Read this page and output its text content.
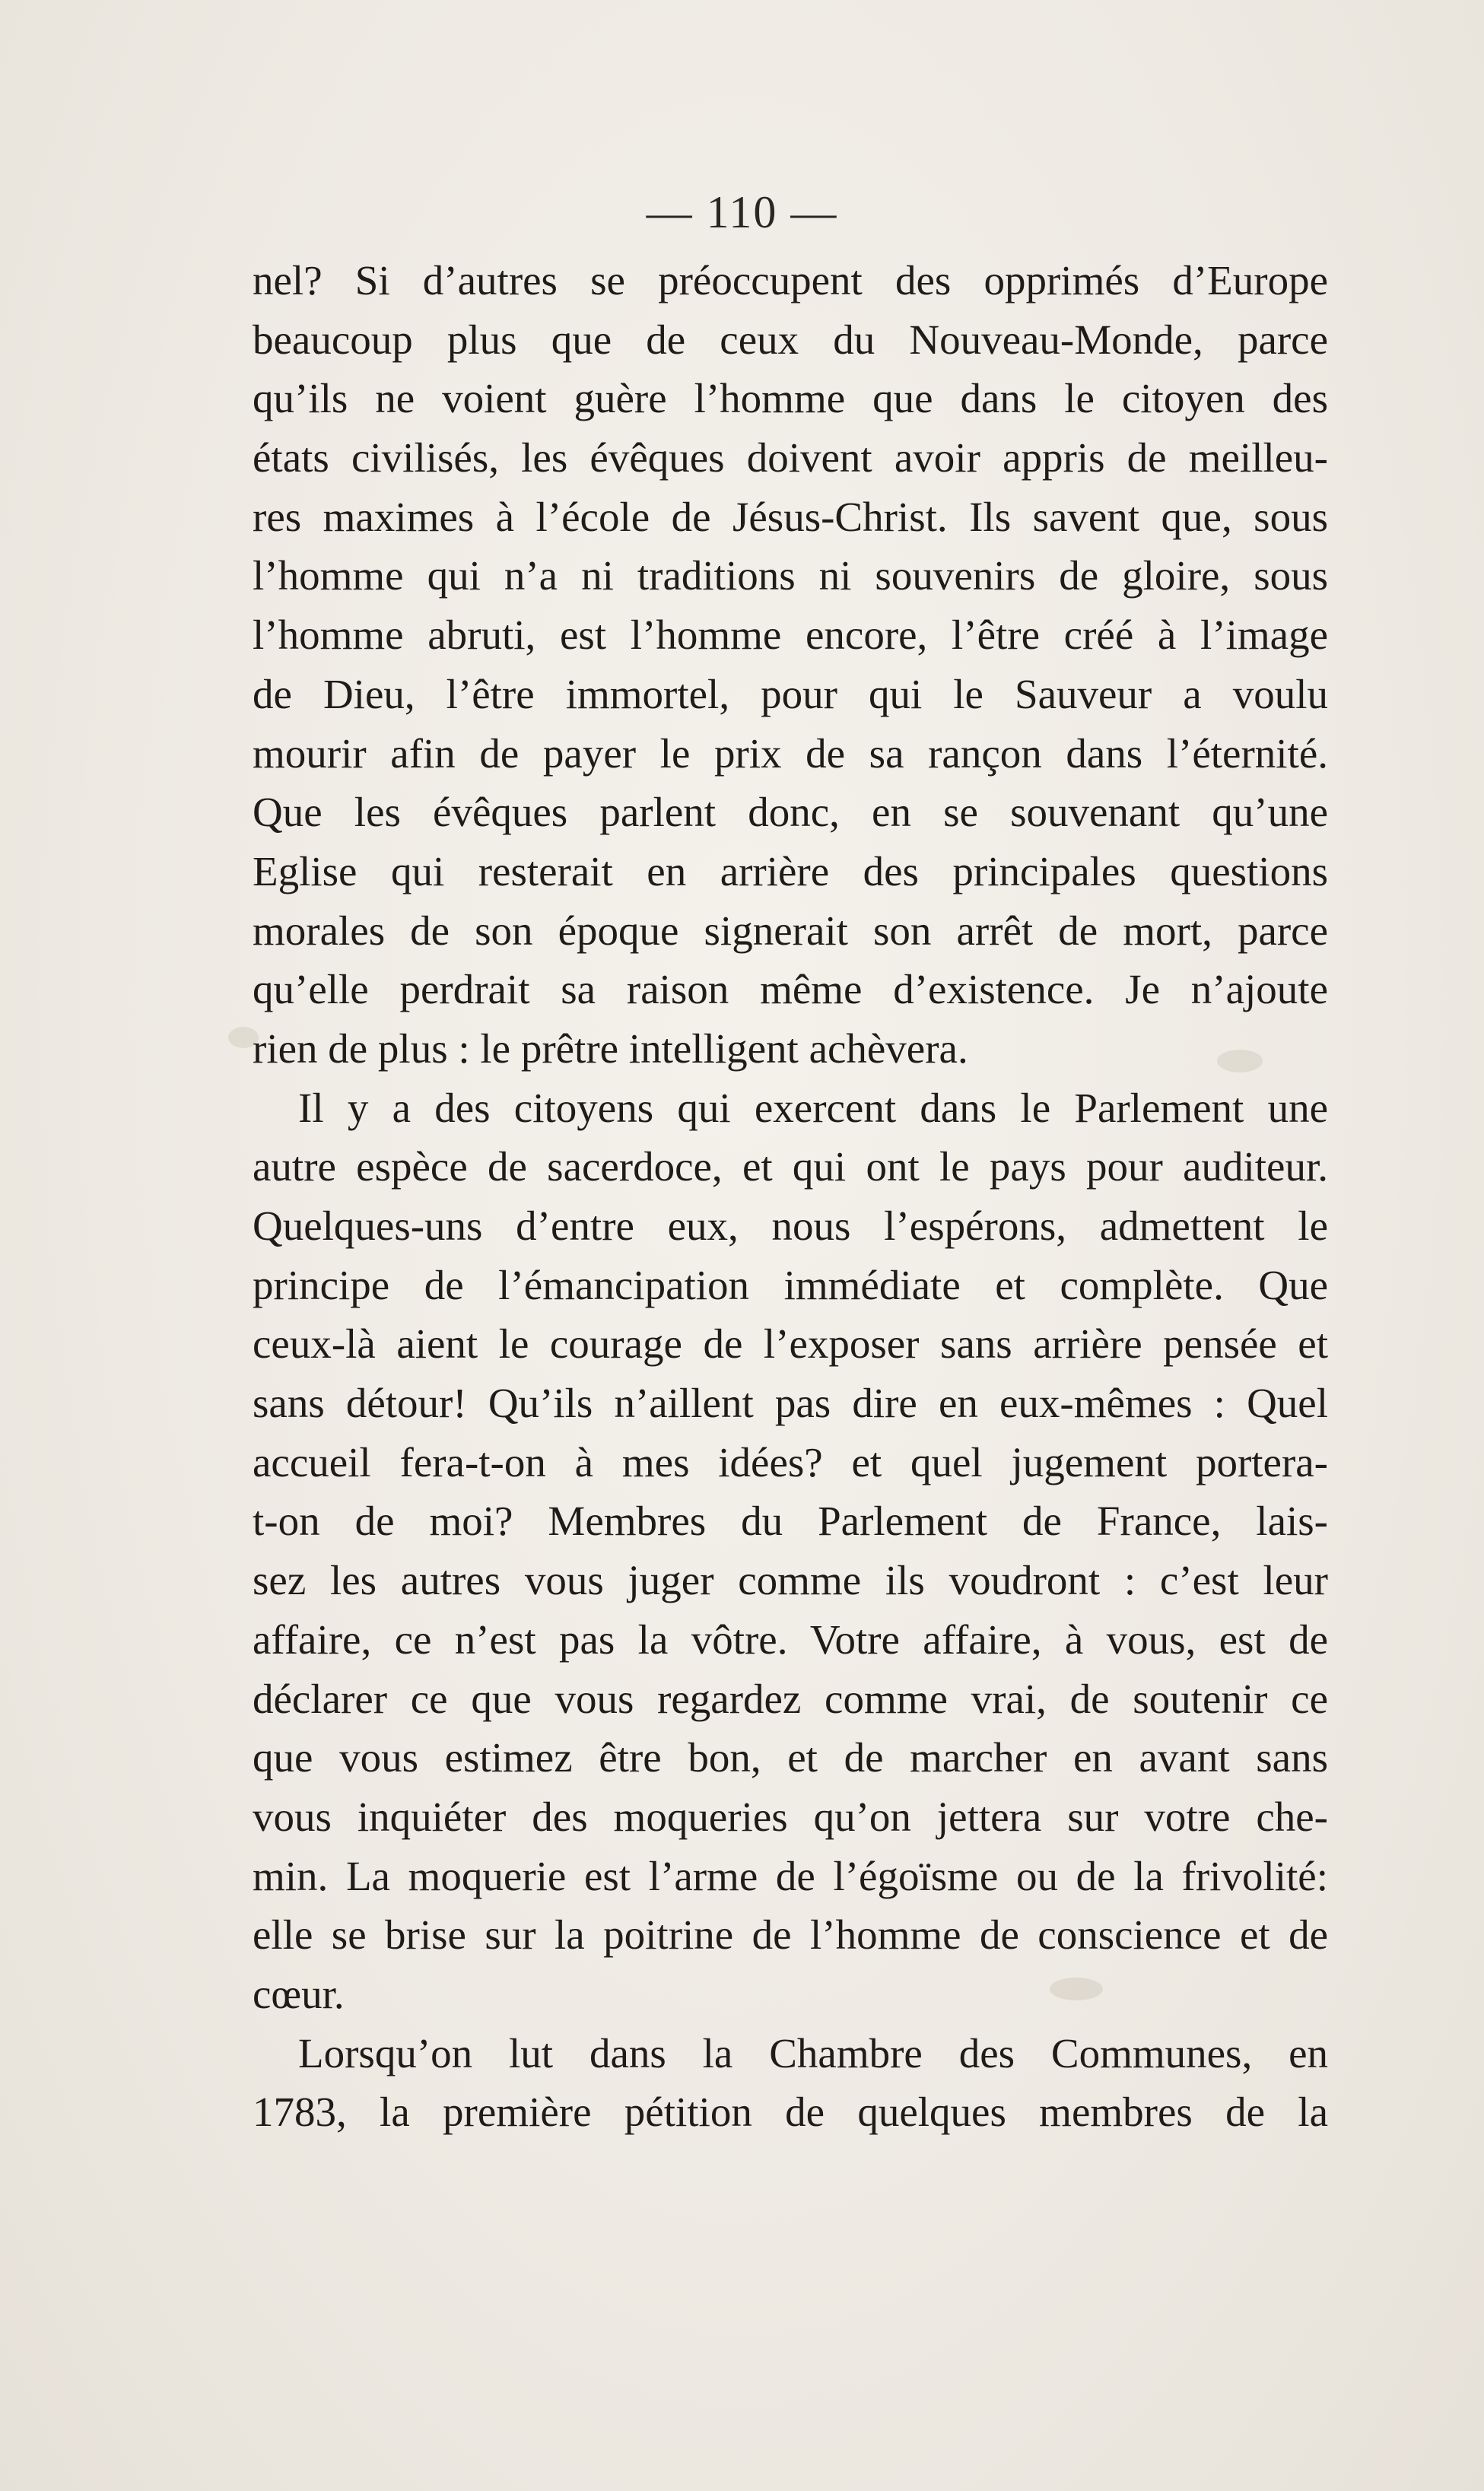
— 110 —
nel? Si d’autres se préoccupent des opprimés d’Europe
beaucoup plus que de ceux du Nouveau-Monde, parce
qu’ils ne voient guère l’homme que dans le citoyen des
états civilisés, les évêques doivent avoir appris de meilleu-
res maximes à l’école de Jésus-Christ. Ils savent que, sous
l’homme qui n’a ni traditions ni souvenirs de gloire, sous
l’homme abruti, est l’homme encore, l’être créé à l’image
de Dieu, l’être immortel, pour qui le Sauveur a voulu
mourir afin de payer le prix de sa rançon dans l’éternité.
Que les évêques parlent donc, en se souvenant qu’une
Eglise qui resterait en arrière des principales questions
morales de son époque signerait son arrêt de mort, parce
qu’elle perdrait sa raison même d’existence. Je n’ajoute
rien de plus : le prêtre intelligent achèvera.
Il y a des citoyens qui exercent dans le Parlement une
autre espèce de sacerdoce, et qui ont le pays pour auditeur.
Quelques-uns d’entre eux, nous l’espérons, admettent le
principe de l’émancipation immédiate et complète. Que
ceux-là aient le courage de l’exposer sans arrière pensée et
sans détour! Qu’ils n’aillent pas dire en eux-mêmes : Quel
accueil fera-t-on à mes idées? et quel jugement portera-
t-on de moi? Membres du Parlement de France, lais-
sez les autres vous juger comme ils voudront : c’est leur
affaire, ce n’est pas la vôtre. Votre affaire, à vous, est de
déclarer ce que vous regardez comme vrai, de soutenir ce
que vous estimez être bon, et de marcher en avant sans
vous inquiéter des moqueries qu’on jettera sur votre che-
min. La moquerie est l’arme de l’égoïsme ou de la frivolité:
elle se brise sur la poitrine de l’homme de conscience et de
cœur.
Lorsqu’on lut dans la Chambre des Communes, en
1783, la première pétition de quelques membres de la
